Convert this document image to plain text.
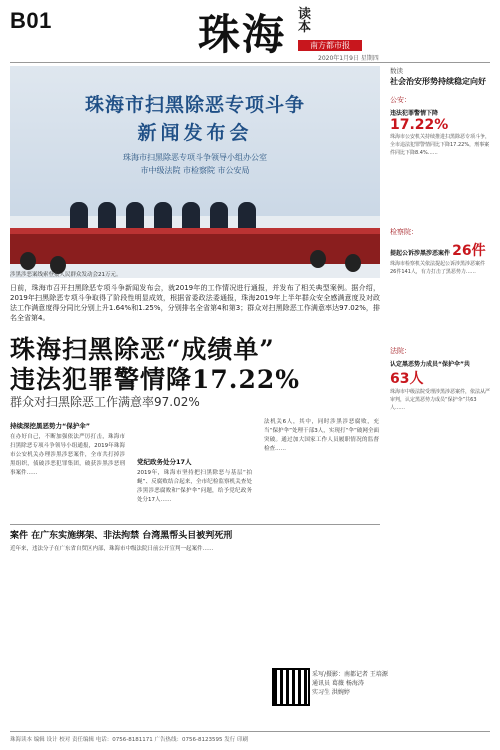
B01	珠海 读本
南方都市报
2020年1月9日 星期四
珠海市扫黑除恶专项斗争
新闻发布会
珠海市扫黑除恶专项斗争领导小组办公室
市中级法院 市检察院 市公安局
涉黑涉恶案线索登报人民群众发动会21万元。
日前，珠海市召开扫黑除恶专项斗争新闻发布会，就2019年的工作情况进行通报，并发布了相关典型案例。据介绍，2019年扫黑除恶专项斗争取得了阶段性明显成效，根据省委政法委通报，珠海2019年上半年群众安全感满意度及对政法工作满意度得分同比分别上升1.64%和1.25%，分别排名全省第4和第3；群众对扫黑除恶工作满意率达97.02%，排名全省第4。
珠海扫黑除恶“成绩单”
违法犯罪警情降17.22%
群众对扫黑除恶工作满意率97.02%
持续深挖黑恶势力“保护伞”
在办好自己，不断加强依法严厉打击，珠海市扫黑除恶专项斗争领导小组通报，2019年珠海市公安机关办理涉黑涉恶案件，全市共打掉涉黑组织，侦破涉恶犯罪集团，破获涉黑涉恶刑事案件……
党纪政务处分17人
2019年，珠海市坚持把扫黑除恶与基层“拍蝇”、反腐败结合起来，全市纪检监察机关查处涉黑涉恶腐败和“保护伞”问题，给予党纪政务处分17人……
法机关6人，其中，同时涉黑涉恶腐败，充当“保护伞”处理干部3人，实现打“伞”破网全面突破。通过加大国家工作人员履职情况的监督检查……
案件 在广东实施绑架、非法拘禁 台湾黑帮头目被判死刑
近年来，违法分子在广东省自贸区内部，珠海市中级法院日前公开宣判一起案件……
数读
社会治安形势持续稳定向好
公安：
违法犯罪警情下降 17.22%
珠海市公安机关持续推进扫黑除恶专项斗争，全市违法犯罪警情同比下降17.22%，刑事案件同比下降8.4%……
检察院：
提起公诉涉黑涉恶案件 26件
珠海市检察机关依法提起公诉涉黑涉恶案件26件141人，有力打击了黑恶势力……
法院：
认定黑恶势力成员“保护伞”共 63人
珠海市中级法院受理涉黑涉恶案件，依法从严审判，认定黑恶势力成员“保护伞”共63人……
采写/摄影：南都记者 王培源
通讯员 葛薇 杨海涛
实习生 洪婉婷
珠海读本 编辑 设计 校对 责任编辑 电话：0756-8181171 广告热线：0756-8123595 发行 印刷
